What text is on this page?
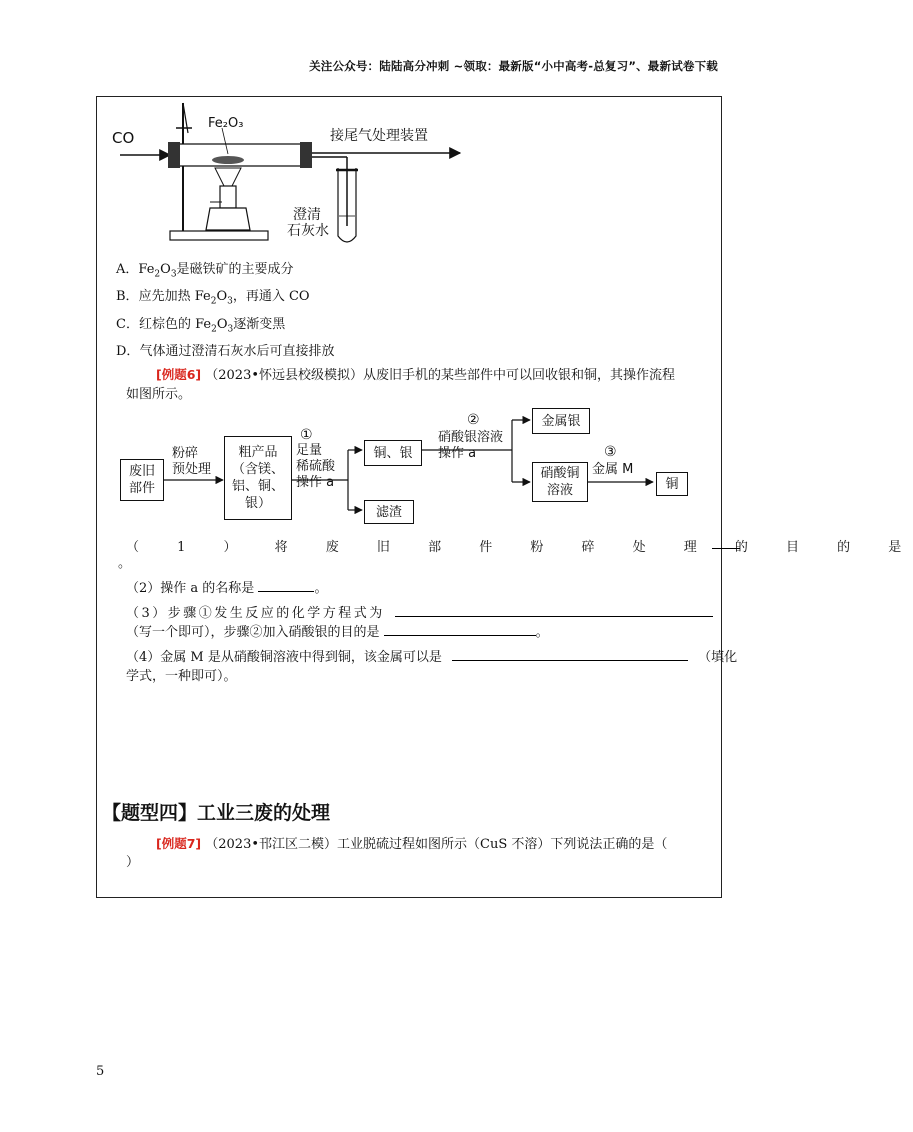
关注公众号：陆陆高分冲刺 ~领取：最新版“小中高考-总复习”、最新试卷下载
CO
Fe₂O₃
接尾气处理装置
澄清
石灰水
A．$Fe_2O_3$是磁铁矿的主要成分
B．应先加热 $Fe_2O_3$，再通入 CO
C．红棕色的 $Fe_2O_3$逐渐变黑
D．气体通过澄清石灰水后可直接排放
[例题6] （2023•怀远县校级模拟）从废旧手机的某些部件中可以回收银和铜，其操作流程
如图所示。
废旧
部件
粉碎
预处理
粗产品
（含镁、
铝、铜、
银）
①
足量
稀硫酸
操作 a
铜、银
滤渣
②
硝酸银溶液
操作 a
金属银
硝酸铜
溶液
③
金属 M
铜
（ 1 ） 将 废 旧 部 件 粉 碎 处 理 的 目 的 是
。
（2）操作 a 的名称是	。
（3）步骤①发生反应的化学方程式为
（写一个即可），步骤②加入硝酸银的目的是	。
（4）金属 M 是从硝酸铜溶液中得到铜，该金属可以是	（填化
学式，一种即可）。
【题型四】工业三废的处理
[例题7] （2023•邗江区二模）工业脱硫过程如图所示（CuS 不溶）下列说法正确的是（
）
5
